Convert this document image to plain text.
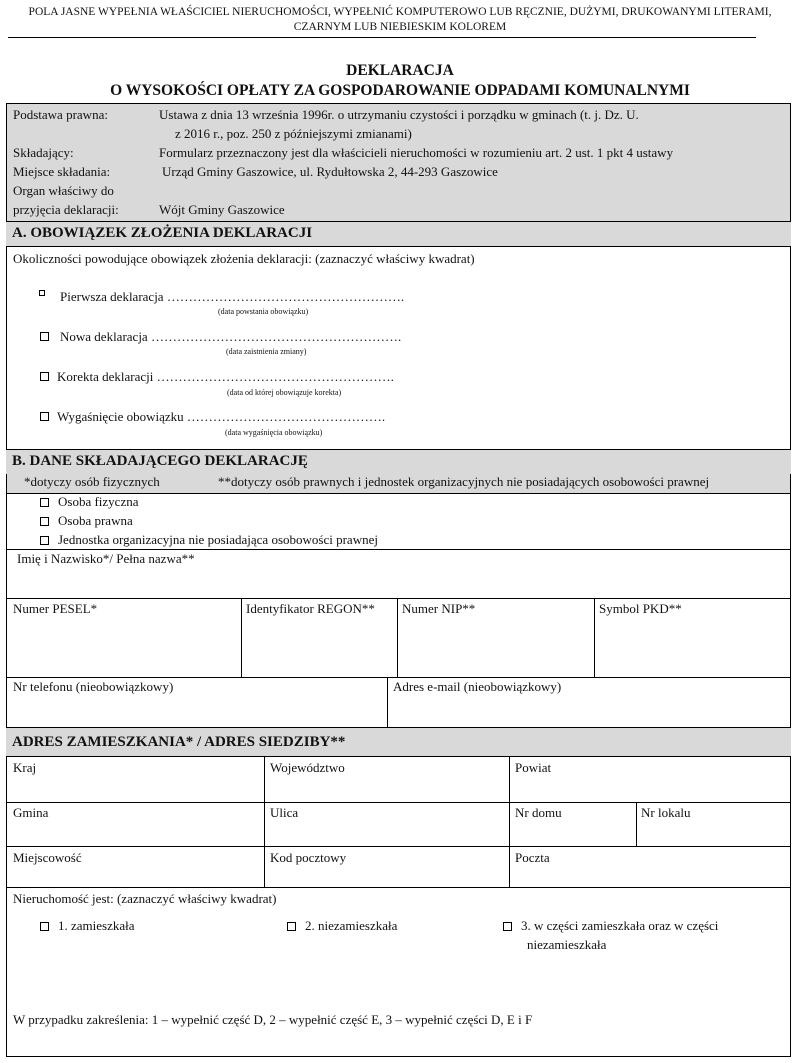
POLA JASNE WYPEŁNIA WŁAŚCICIEL NIERUCHOMOŚCI, WYPEŁNIĆ KOMPUTEROWO LUB RĘCZNIE, DUŻYMI, DRUKOWANYMI LITERAMI,
CZARNYM LUB NIEBIESKIM KOLOREM
DEKLARACJA
O WYSOKOŚCI OPŁATY ZA GOSPODAROWANIE ODPADAMI KOMUNALNYMI
Podstawa prawna:	Ustawa z dnia 13 września 1996r. o utrzymaniu czystości i porządku w gminach (t. j. Dz. U.
z 2016 r., poz. 250 z późniejszymi zmianami)
Składający:	Formularz przeznaczony jest dla właścicieli nieruchomości w rozumieniu art. 2 ust. 1 pkt 4 ustawy
Miejsce składania:	Urząd Gminy Gaszowice, ul. Rydułtowska 2, 44-293 Gaszowice
Organ właściwy do
przyjęcia deklaracji:	Wójt Gminy Gaszowice
A. OBOWIĄZEK ZŁOŻENIA DEKLARACJI
Okoliczności powodujące obowiązek złożenia deklaracji: (zaznaczyć właściwy kwadrat)
Pierwsza deklaracja ……………………………………………….
(data powstania obowiązku)
Nowa deklaracja ………………………………………………….
(data zaistnienia zmiany)
Korekta deklaracji ……………………………………………….
(data od której obowiązuje korekta)
Wygaśnięcie obowiązku ……………………………………….
(data wygaśnięcia obowiązku)
B. DANE SKŁADAJĄCEGO DEKLARACJĘ
*dotyczy osób fizycznych	**dotyczy osób prawnych i jednostek organizacyjnych nie posiadających osobowości prawnej
Osoba fizyczna
Osoba prawna
Jednostka organizacyjna nie posiadająca osobowości prawnej
Imię i Nazwisko*/ Pełna nazwa**
Numer PESEL*	Identyfikator REGON** Numer NIP**	Symbol PKD**
Nr telefonu (nieobowiązkowy)	Adres e-mail (nieobowiązkowy)
ADRES ZAMIESZKANIA* / ADRES SIEDZIBY**
Kraj	Województwo	Powiat
Gmina	Ulica	Nr domu	Nr lokalu
Miejscowość	Kod pocztowy	Poczta
Nieruchomość jest: (zaznaczyć właściwy kwadrat)
1. zamieszkała	2. niezamieszkała	3. w części zamieszkała oraz w części
niezamieszkała
W przypadku zakreślenia: 1 – wypełnić część D, 2 – wypełnić część E, 3 – wypełnić części D, E i F
